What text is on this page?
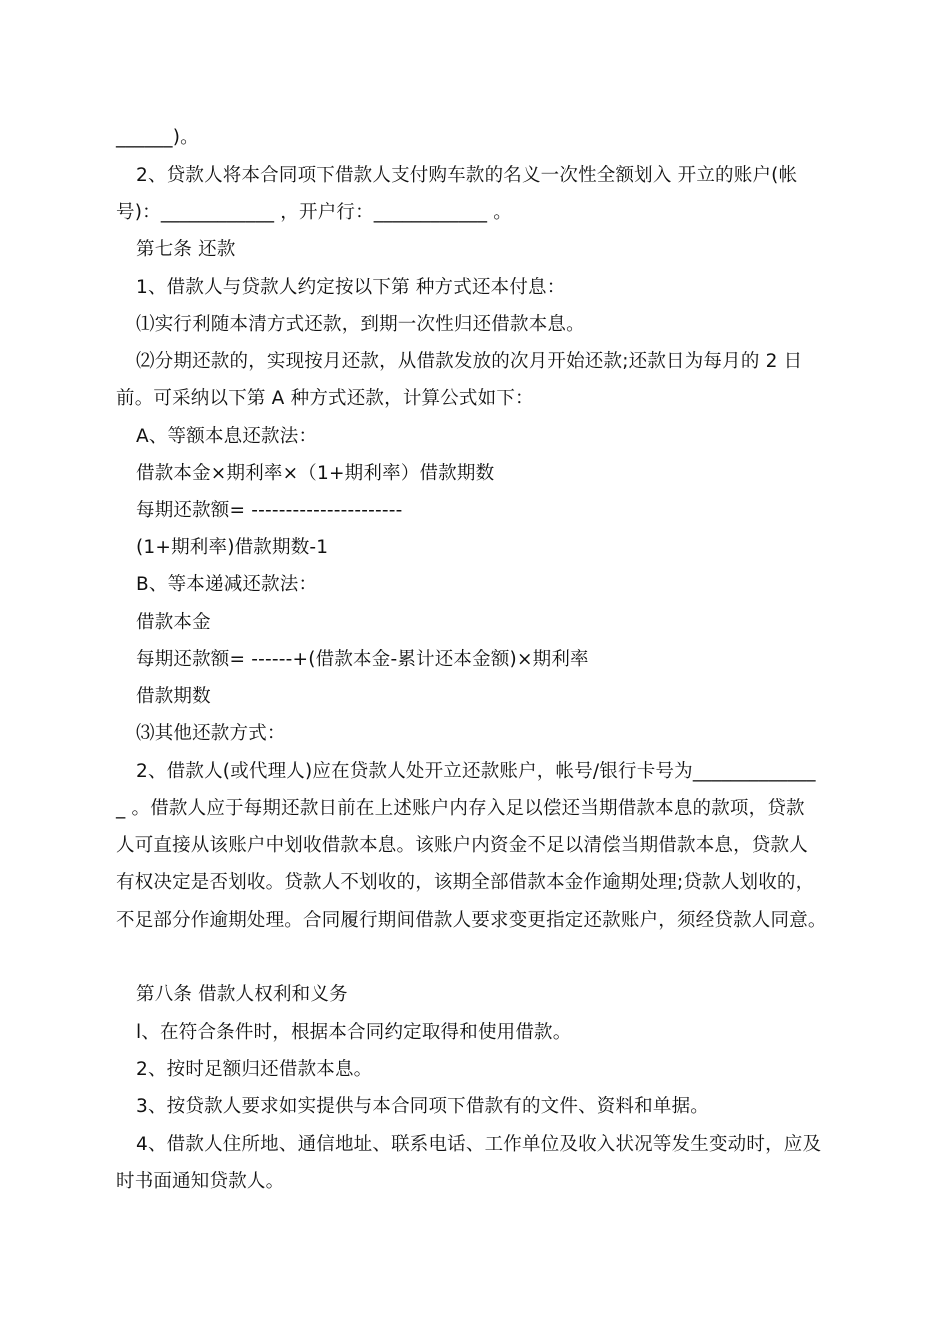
______)。
2、贷款人将本合同项下借款人支付购车款的名义一次性全额划入 开立的账户(帐
号)：____________ ，开户行：____________ 。
第七条 还款
1、借款人与贷款人约定按以下第 种方式还本付息：
⑴实行利随本清方式还款，到期一次性归还借款本息。
⑵分期还款的，实现按月还款，从借款发放的次月开始还款;还款日为每月的 2 日
前。可采纳以下第 A 种方式还款，计算公式如下：
A、等额本息还款法：
借款本金×期利率×（1+期利率）借款期数
每期还款额= ----------------------
(1+期利率)借款期数-1
B、等本递减还款法：
借款本金
每期还款额= ------+(借款本金-累计还本金额)×期利率
借款期数
⑶其他还款方式：
2、借款人(或代理人)应在贷款人处开立还款账户，帐号/银行卡号为_____________
_ 。借款人应于每期还款日前在上述账户内存入足以偿还当期借款本息的款项，贷款
人可直接从该账户中划收借款本息。该账户内资金不足以清偿当期借款本息，贷款人
有权决定是否划收。贷款人不划收的，该期全部借款本金作逾期处理;贷款人划收的，
不足部分作逾期处理。合同履行期间借款人要求变更指定还款账户，须经贷款人同意。
第八条 借款人权利和义务
l、在符合条件时，根据本合同约定取得和使用借款。
2、按时足额归还借款本息。
3、按贷款人要求如实提供与本合同项下借款有的文件、资料和单据。
4、借款人住所地、通信地址、联系电话、工作单位及收入状况等发生变动时，应及
时书面通知贷款人。
